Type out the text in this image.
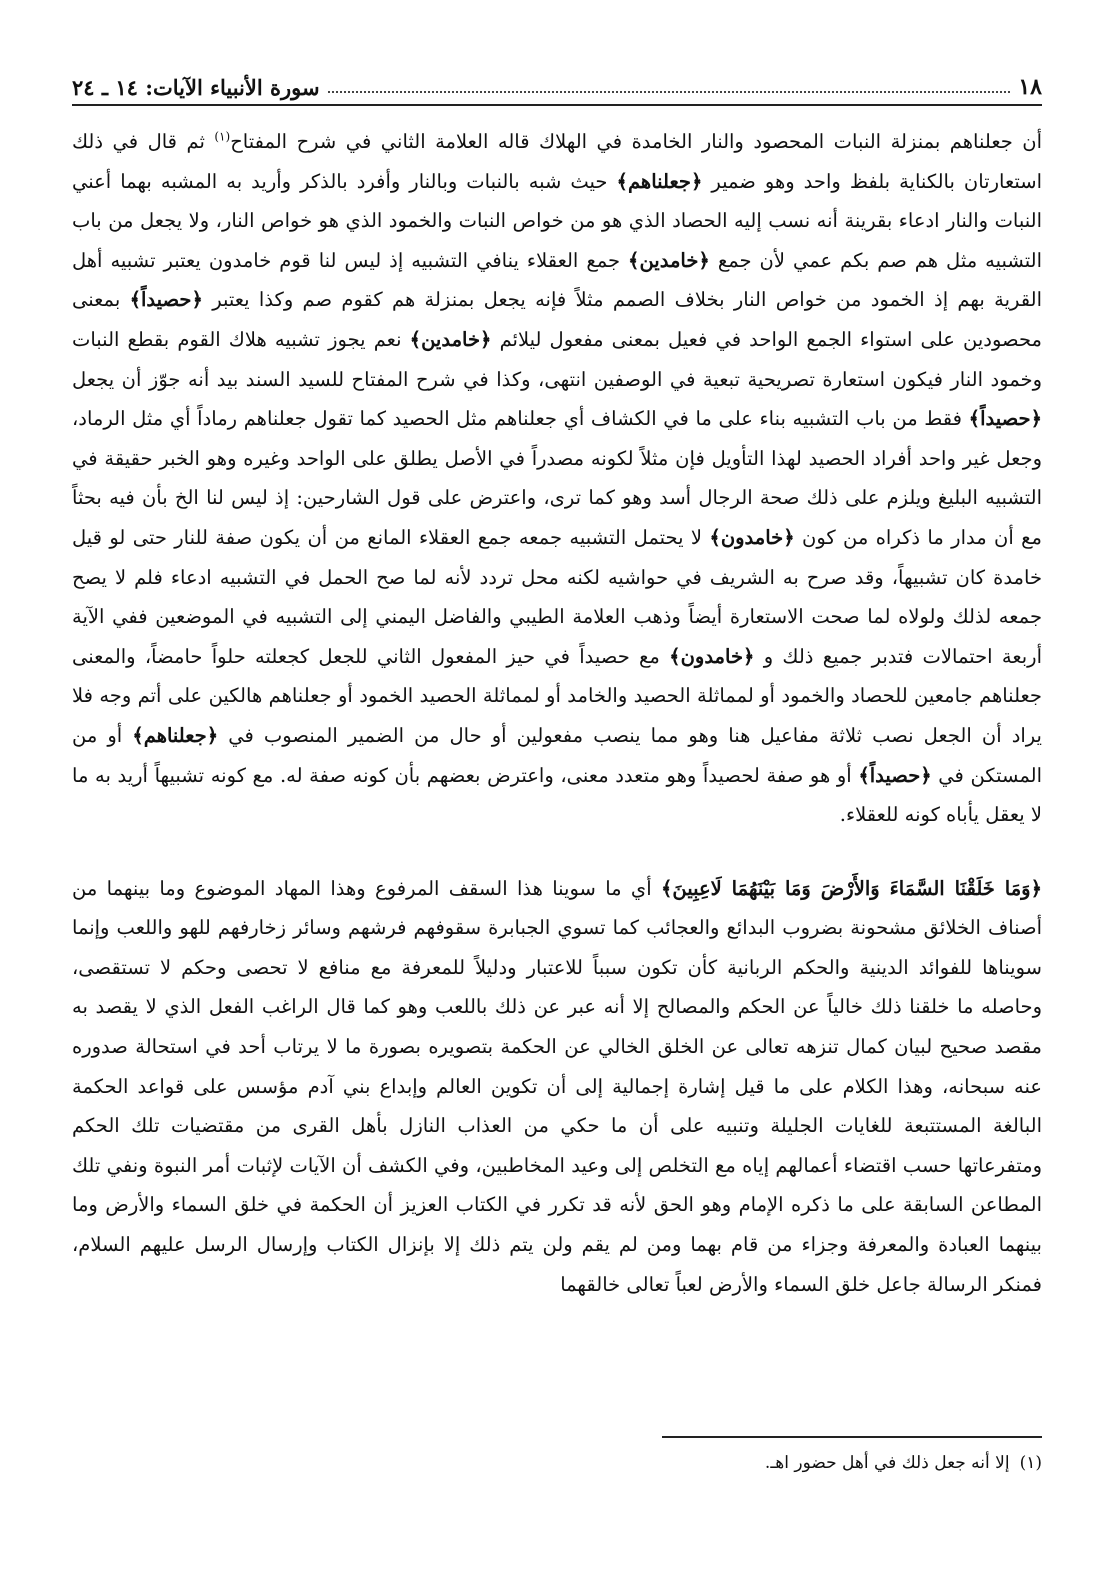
١٨
سورة الأنبياء الآيات: ١٤ ـ ٢٤

أن جعلناهم بمنزلة النبات المحصود والنار الخامدة في الهلاك قاله العلامة الثاني في شرح المفتاح$^{(١)}$ ثم قال في ذلك استعارتان بالكناية بلفظ واحد وهو ضمير ﴿جعلناهم﴾ حيث شبه بالنبات وبالنار وأفرد بالذكر وأريد به المشبه بهما أعني النبات والنار ادعاء بقرينة أنه نسب إليه الحصاد الذي هو من خواص النبات والخمود الذي هو خواص النار، ولا يجعل من باب التشبيه مثل هم صم بكم عمي لأن جمع ﴿خامدين﴾ جمع العقلاء ينافي التشبيه إذ ليس لنا قوم خامدون يعتبر تشبيه أهل القرية بهم إذ الخمود من خواص النار بخلاف الصمم مثلاً فإنه يجعل بمنزلة هم كقوم صم وكذا يعتبر ﴿حصيداً﴾ بمعنى محصودين على استواء الجمع الواحد في فعيل بمعنى مفعول ليلائم ﴿خامدين﴾ نعم يجوز تشبيه هلاك القوم بقطع النبات وخمود النار فيكون استعارة تصريحية تبعية في الوصفين انتهى، وكذا في شرح المفتاح للسيد السند بيد أنه جوّز أن يجعل ﴿حصيداً﴾ فقط من باب التشبيه بناء على ما في الكشاف أي جعلناهم مثل الحصيد كما تقول جعلناهم رماداً أي مثل الرماد، وجعل غير واحد أفراد الحصيد لهذا التأويل فإن مثلاً لكونه مصدراً في الأصل يطلق على الواحد وغيره وهو الخبر حقيقة في التشبيه البليغ ويلزم على ذلك صحة الرجال أسد وهو كما ترى، واعترض على قول الشارحين: إذ ليس لنا الخ بأن فيه بحثاً مع أن مدار ما ذكراه من كون ﴿خامدون﴾ لا يحتمل التشبيه جمعه جمع العقلاء المانع من أن يكون صفة للنار حتى لو قيل خامدة كان تشبيهاً، وقد صرح به الشريف في حواشيه لكنه محل تردد لأنه لما صح الحمل في التشبيه ادعاء فلم لا يصح جمعه لذلك ولولاه لما صحت الاستعارة أيضاً وذهب العلامة الطيبي والفاضل اليمني إلى التشبيه في الموضعين ففي الآية أربعة احتمالات فتدبر جميع ذلك و ﴿خامدون﴾ مع حصيداً في حيز المفعول الثاني للجعل كجعلته حلواً حامضاً، والمعنى جعلناهم جامعين للحصاد والخمود أو لمماثلة الحصيد والخامد أو لمماثلة الحصيد الخمود أو جعلناهم هالكين على أتم وجه فلا يراد أن الجعل نصب ثلاثة مفاعيل هنا وهو مما ينصب مفعولين أو حال من الضمير المنصوب في ﴿جعلناهم﴾ أو من المستكن في ﴿حصيداً﴾ أو هو صفة لحصيداً وهو متعدد معنى، واعترض بعضهم بأن كونه صفة له. مع كونه تشبيهاً أريد به ما لا يعقل يأباه كونه للعقلاء.

﴿وَمَا خَلَقْنَا السَّمَاءَ وَالأَرْضَ وَمَا بَيْنَهُمَا لَاعِبِينَ﴾ أي ما سوينا هذا السقف المرفوع وهذا المهاد الموضوع وما بينهما من أصناف الخلائق مشحونة بضروب البدائع والعجائب كما تسوي الجبابرة سقوفهم فرشهم وسائر زخارفهم للهو واللعب وإنما سويناها للفوائد الدينية والحكم الربانية كأن تكون سبباً للاعتبار ودليلاً للمعرفة مع منافع لا تحصى وحكم لا تستقصى، وحاصله ما خلقنا ذلك خالياً عن الحكم والمصالح إلا أنه عبر عن ذلك باللعب وهو كما قال الراغب الفعل الذي لا يقصد به مقصد صحيح لبيان كمال تنزهه تعالى عن الخلق الخالي عن الحكمة بتصويره بصورة ما لا يرتاب أحد في استحالة صدوره عنه سبحانه، وهذا الكلام على ما قيل إشارة إجمالية إلى أن تكوين العالم وإبداع بني آدم مؤسس على قواعد الحكمة البالغة المستتبعة للغايات الجليلة وتنبيه على أن ما حكي من العذاب النازل بأهل القرى من مقتضيات تلك الحكم ومتفرعاتها حسب اقتضاء أعمالهم إياه مع التخلص إلى وعيد المخاطبين، وفي الكشف أن الآيات لإثبات أمر النبوة ونفي تلك المطاعن السابقة على ما ذكره الإمام وهو الحق لأنه قد تكرر في الكتاب العزيز أن الحكمة في خلق السماء والأرض وما بينهما العبادة والمعرفة وجزاء من قام بهما ومن لم يقم ولن يتم ذلك إلا بإنزال الكتاب وإرسال الرسل عليهم السلام، فمنكر الرسالة جاعل خلق السماء والأرض لعباً تعالى خالقهما

(١)إلا أنه جعل ذلك في أهل حضور اهـ.
